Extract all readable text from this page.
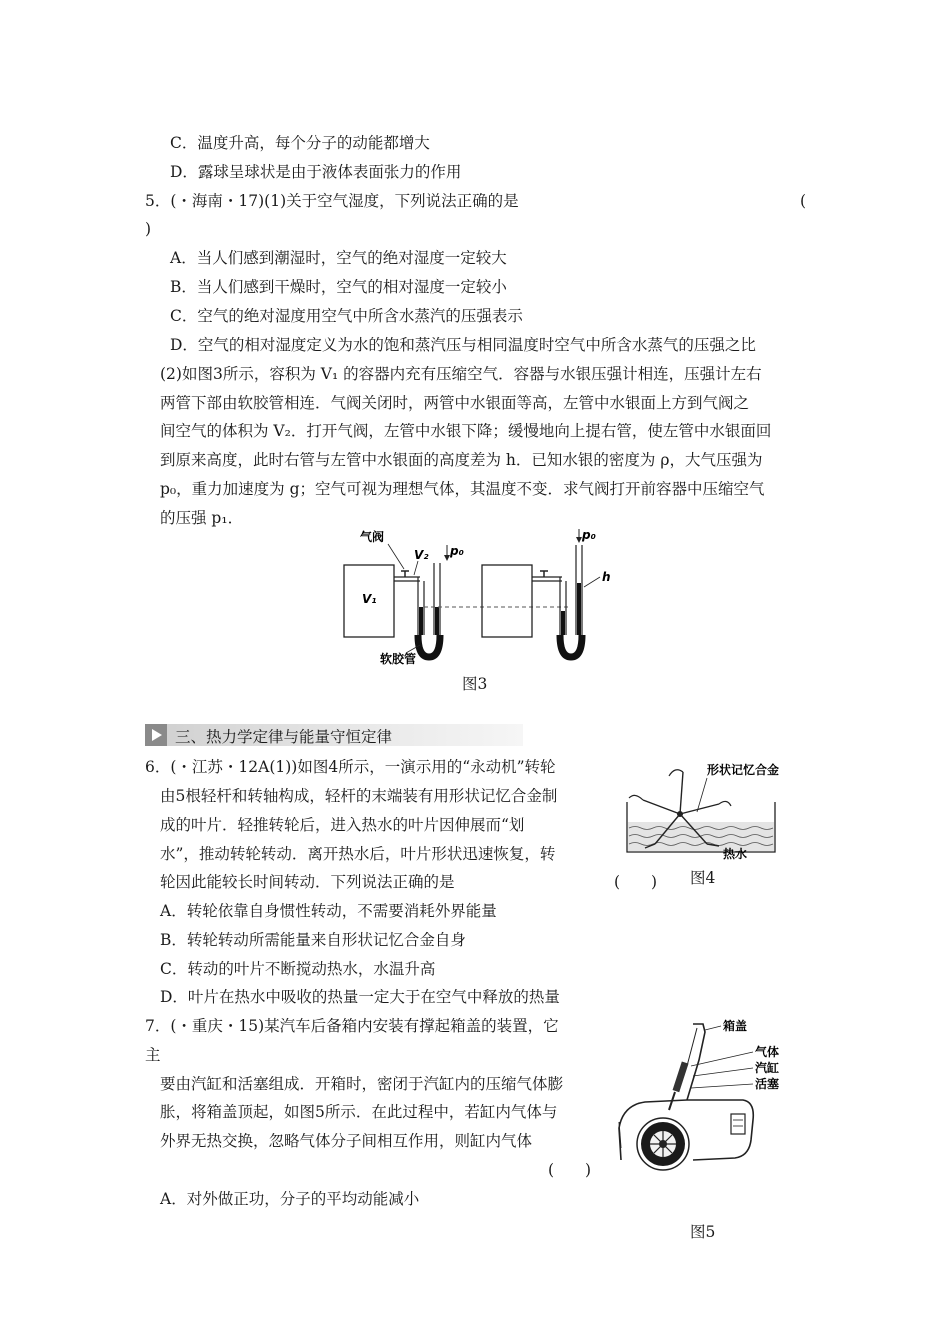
C．温度升高，每个分子的动能都增大
D．露球呈球状是由于液体表面张力的作用
5．(・海南・17)(1)关于空气湿度，下列说法正确的是	(
)
A．当人们感到潮湿时，空气的绝对湿度一定较大
B．当人们感到干燥时，空气的相对湿度一定较小
C．空气的绝对湿度用空气中所含水蒸汽的压强表示
D．空气的相对湿度定义为水的饱和蒸汽压与相同温度时空气中所含水蒸气的压强之比
(2)如图3所示，容积为 V₁ 的容器内充有压缩空气．容器与水银压强计相连，压强计左右
两管下部由软胶管相连．气阀关闭时，两管中水银面等高，左管中水银面上方到气阀之
间空气的体积为 V₂．打开气阀，左管中水银下降；缓慢地向上提右管，使左管中水银面回
到原来高度，此时右管与左管中水银面的高度差为 h．已知水银的密度为 ρ，大气压强为
p₀，重力加速度为 g；空气可视为理想气体，其温度不变．求气阀打开前容器中压缩空气
的压强 p₁．
V₁
气阀
V₂ p₀
软胶管
p₀
h
图3
三、热力学定律与能量守恒定律
6．(・江苏・12A(1))如图4所示，一演示用的“永动机”转轮
由5根轻杆和转轴构成，轻杆的末端装有用形状记忆合金制
成的叶片．轻推转轮后，进入热水的叶片因伸展而“划
水”，推动转轮转动．离开热水后，叶片形状迅速恢复，转
轮因此能较长时间转动．下列说法正确的是	(　　)
A．转轮依靠自身惯性转动，不需要消耗外界能量
B．转轮转动所需能量来自形状记忆合金自身
C．转动的叶片不断搅动热水，水温升高
D．叶片在热水中吸收的热量一定大于在空气中释放的热量
形状记忆合金
热水
图4
7．(・重庆・15)某汽车后备箱内安装有撑起箱盖的装置，它
主
要由汽缸和活塞组成．开箱时，密闭于汽缸内的压缩气体膨
胀，将箱盖顶起，如图5所示．在此过程中，若缸内气体与
外界无热交换，忽略气体分子间相互作用，则缸内气体
(　　)
A．对外做正功，分子的平均动能减小
箱盖
气体
汽缸
活塞
图5
